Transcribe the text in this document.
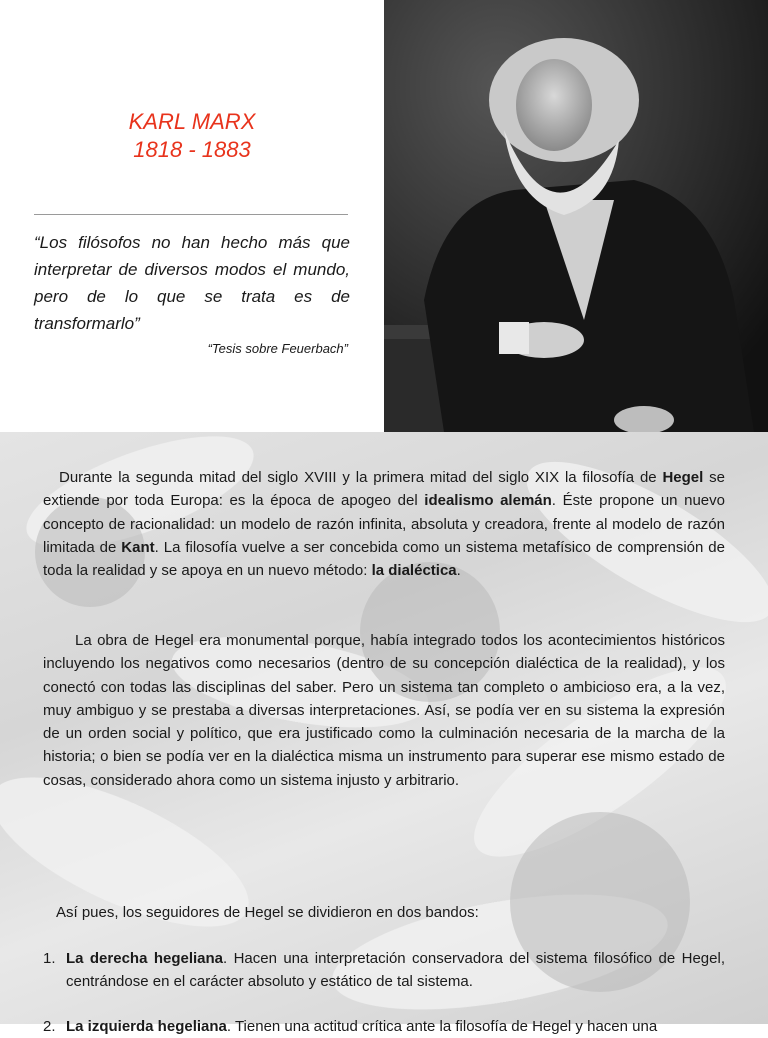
KARL MARX
1818 - 1883
“Los filósofos no han hecho más que interpretar de diversos modos el mundo, pero de lo que se trata es de transformarlo”
“Tesis sobre Feuerbach”
Durante la segunda mitad del siglo XVIII y la primera mitad del siglo XIX la filosofía de Hegel se extiende por toda Europa: es la época de apogeo del idealismo alemán. Éste propone un nuevo concepto de racionalidad: un modelo de razón infinita, absoluta y creadora, frente al modelo de razón limitada de Kant. La filosofía vuelve a ser concebida como un sistema metafísico de comprensión de toda la realidad y se apoya en un nuevo método: la dialéctica.
La obra de Hegel era monumental porque, había integrado todos los acontecimientos históricos incluyendo los negativos como necesarios (dentro de su concepción dialéctica de la realidad), y los conectó con todas las disciplinas del saber. Pero un sistema tan completo o ambicioso era, a la vez, muy ambiguo y se prestaba a diversas interpretaciones. Así, se podía ver en su sistema la expresión de un orden social y político, que era justificado como la culminación necesaria de la marcha de la historia; o bien se podía ver en la dialéctica misma un instrumento para superar ese mismo estado de cosas, considerado ahora como un sistema injusto y arbitrario.
Así pues, los seguidores de Hegel se dividieron en dos bandos:
1. La derecha hegeliana. Hacen una interpretación conservadora del sistema filosófico de Hegel, centrándose en el carácter absoluto y estático de tal sistema.
2. La izquierda hegeliana. Tienen una actitud crítica ante la filosofía de Hegel y hacen una
